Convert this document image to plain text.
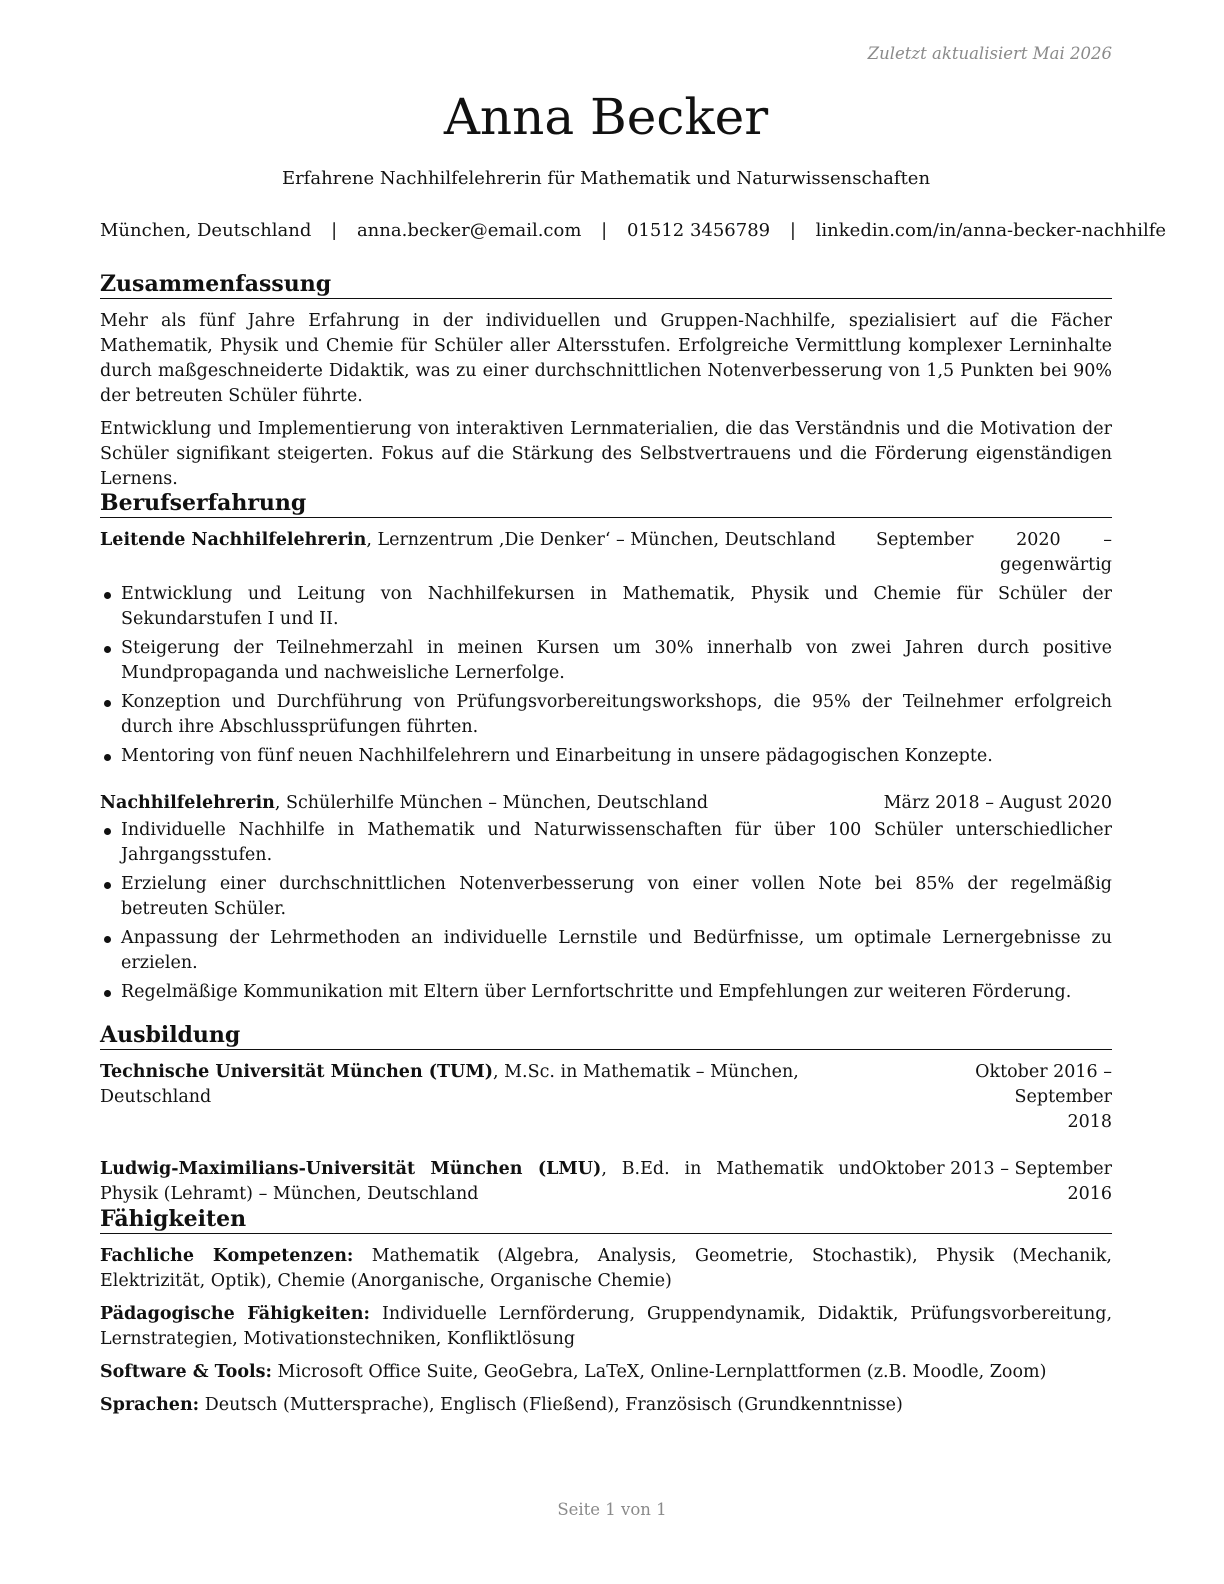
Zuletzt aktualisiert Mai 2026
Anna Becker
Erfahrene Nachhilfelehrerin für Mathematik und Naturwissenschaften
München, Deutschland | anna.becker@email.com | 01512 3456789 | linkedin.com/in/anna-becker-nachhilfe
Zusammenfassung

Mehr als fünf Jahre Erfahrung in der individuellen und Gruppen-Nachhilfe, spezialisiert auf die Fächer Mathematik, Physik und Chemie für Schüler aller Altersstufen. Erfolgreiche Vermittlung komplexer Lerninhalte durch maßgeschneiderte Didaktik, was zu einer durchschnittlichen Notenverbesserung von 1,5 Punkten bei 90% der betreuten Schüler führte.

Entwicklung und Implementierung von interaktiven Lernmaterialien, die das Verständnis und die Motivation der Schüler signifikant steigerten. Fokus auf die Stärkung des Selbstvertrauens und die Förderung eigenständigen Lernens.

Berufserfahrung
Leitende Nachhilfelehrerin, Lernzentrum ‚Die Denker‘ – München, Deutschland	September 2020 – gegenwärtig
Entwicklung und Leitung von Nachhilfekursen in Mathematik, Physik und Chemie für Schüler der Sekundarstufen I und II.
Steigerung der Teilnehmerzahl in meinen Kursen um 30% innerhalb von zwei Jahren durch positive Mundpropaganda und nachweisliche Lernerfolge.
Konzeption und Durchführung von Prüfungsvorbereitungsworkshops, die 95% der Teilnehmer erfolgreich durch ihre Abschlussprüfungen führten.
Mentoring von fünf neuen Nachhilfelehrern und Einarbeitung in unsere pädagogischen Konzepte.
Nachhilfelehrerin, Schülerhilfe München – München, Deutschland	März 2018 – August 2020
Individuelle Nachhilfe in Mathematik und Naturwissenschaften für über 100 Schüler unterschiedlicher Jahrgangsstufen.
Erzielung einer durchschnittlichen Notenverbesserung von einer vollen Note bei 85% der regelmäßig betreuten Schüler.
Anpassung der Lehrmethoden an individuelle Lernstile und Bedürfnisse, um optimale Lernergebnisse zu erzielen.
Regelmäßige Kommunikation mit Eltern über Lernfortschritte und Empfehlungen zur weiteren Förderung.
Ausbildung
Technische Universität München (TUM), M.Sc. in Mathematik – München, Deutschland
Oktober 2016 – September
2018
Ludwig-Maximilians-Universität München (LMU), B.Ed. in Mathematik und Physik (Lehramt) – München, Deutschland
Oktober 2013 – September
2016
Fähigkeiten

Fachliche Kompetenzen: Mathematik (Algebra, Analysis, Geometrie, Stochastik), Physik (Mechanik, Elektrizität, Optik), Chemie (Anorganische, Organische Chemie)

Pädagogische Fähigkeiten: Individuelle Lernförderung, Gruppendynamik, Didaktik, Prüfungsvorbereitung, Lernstrategien, Motivationstechniken, Konfliktlösung

Software & Tools: Microsoft Office Suite, GeoGebra, LaTeX, Online-Lernplattformen (z.B. Moodle, Zoom)

Sprachen: Deutsch (Muttersprache), Englisch (Fließend), Französisch (Grundkenntnisse)

Seite 1 von 1
